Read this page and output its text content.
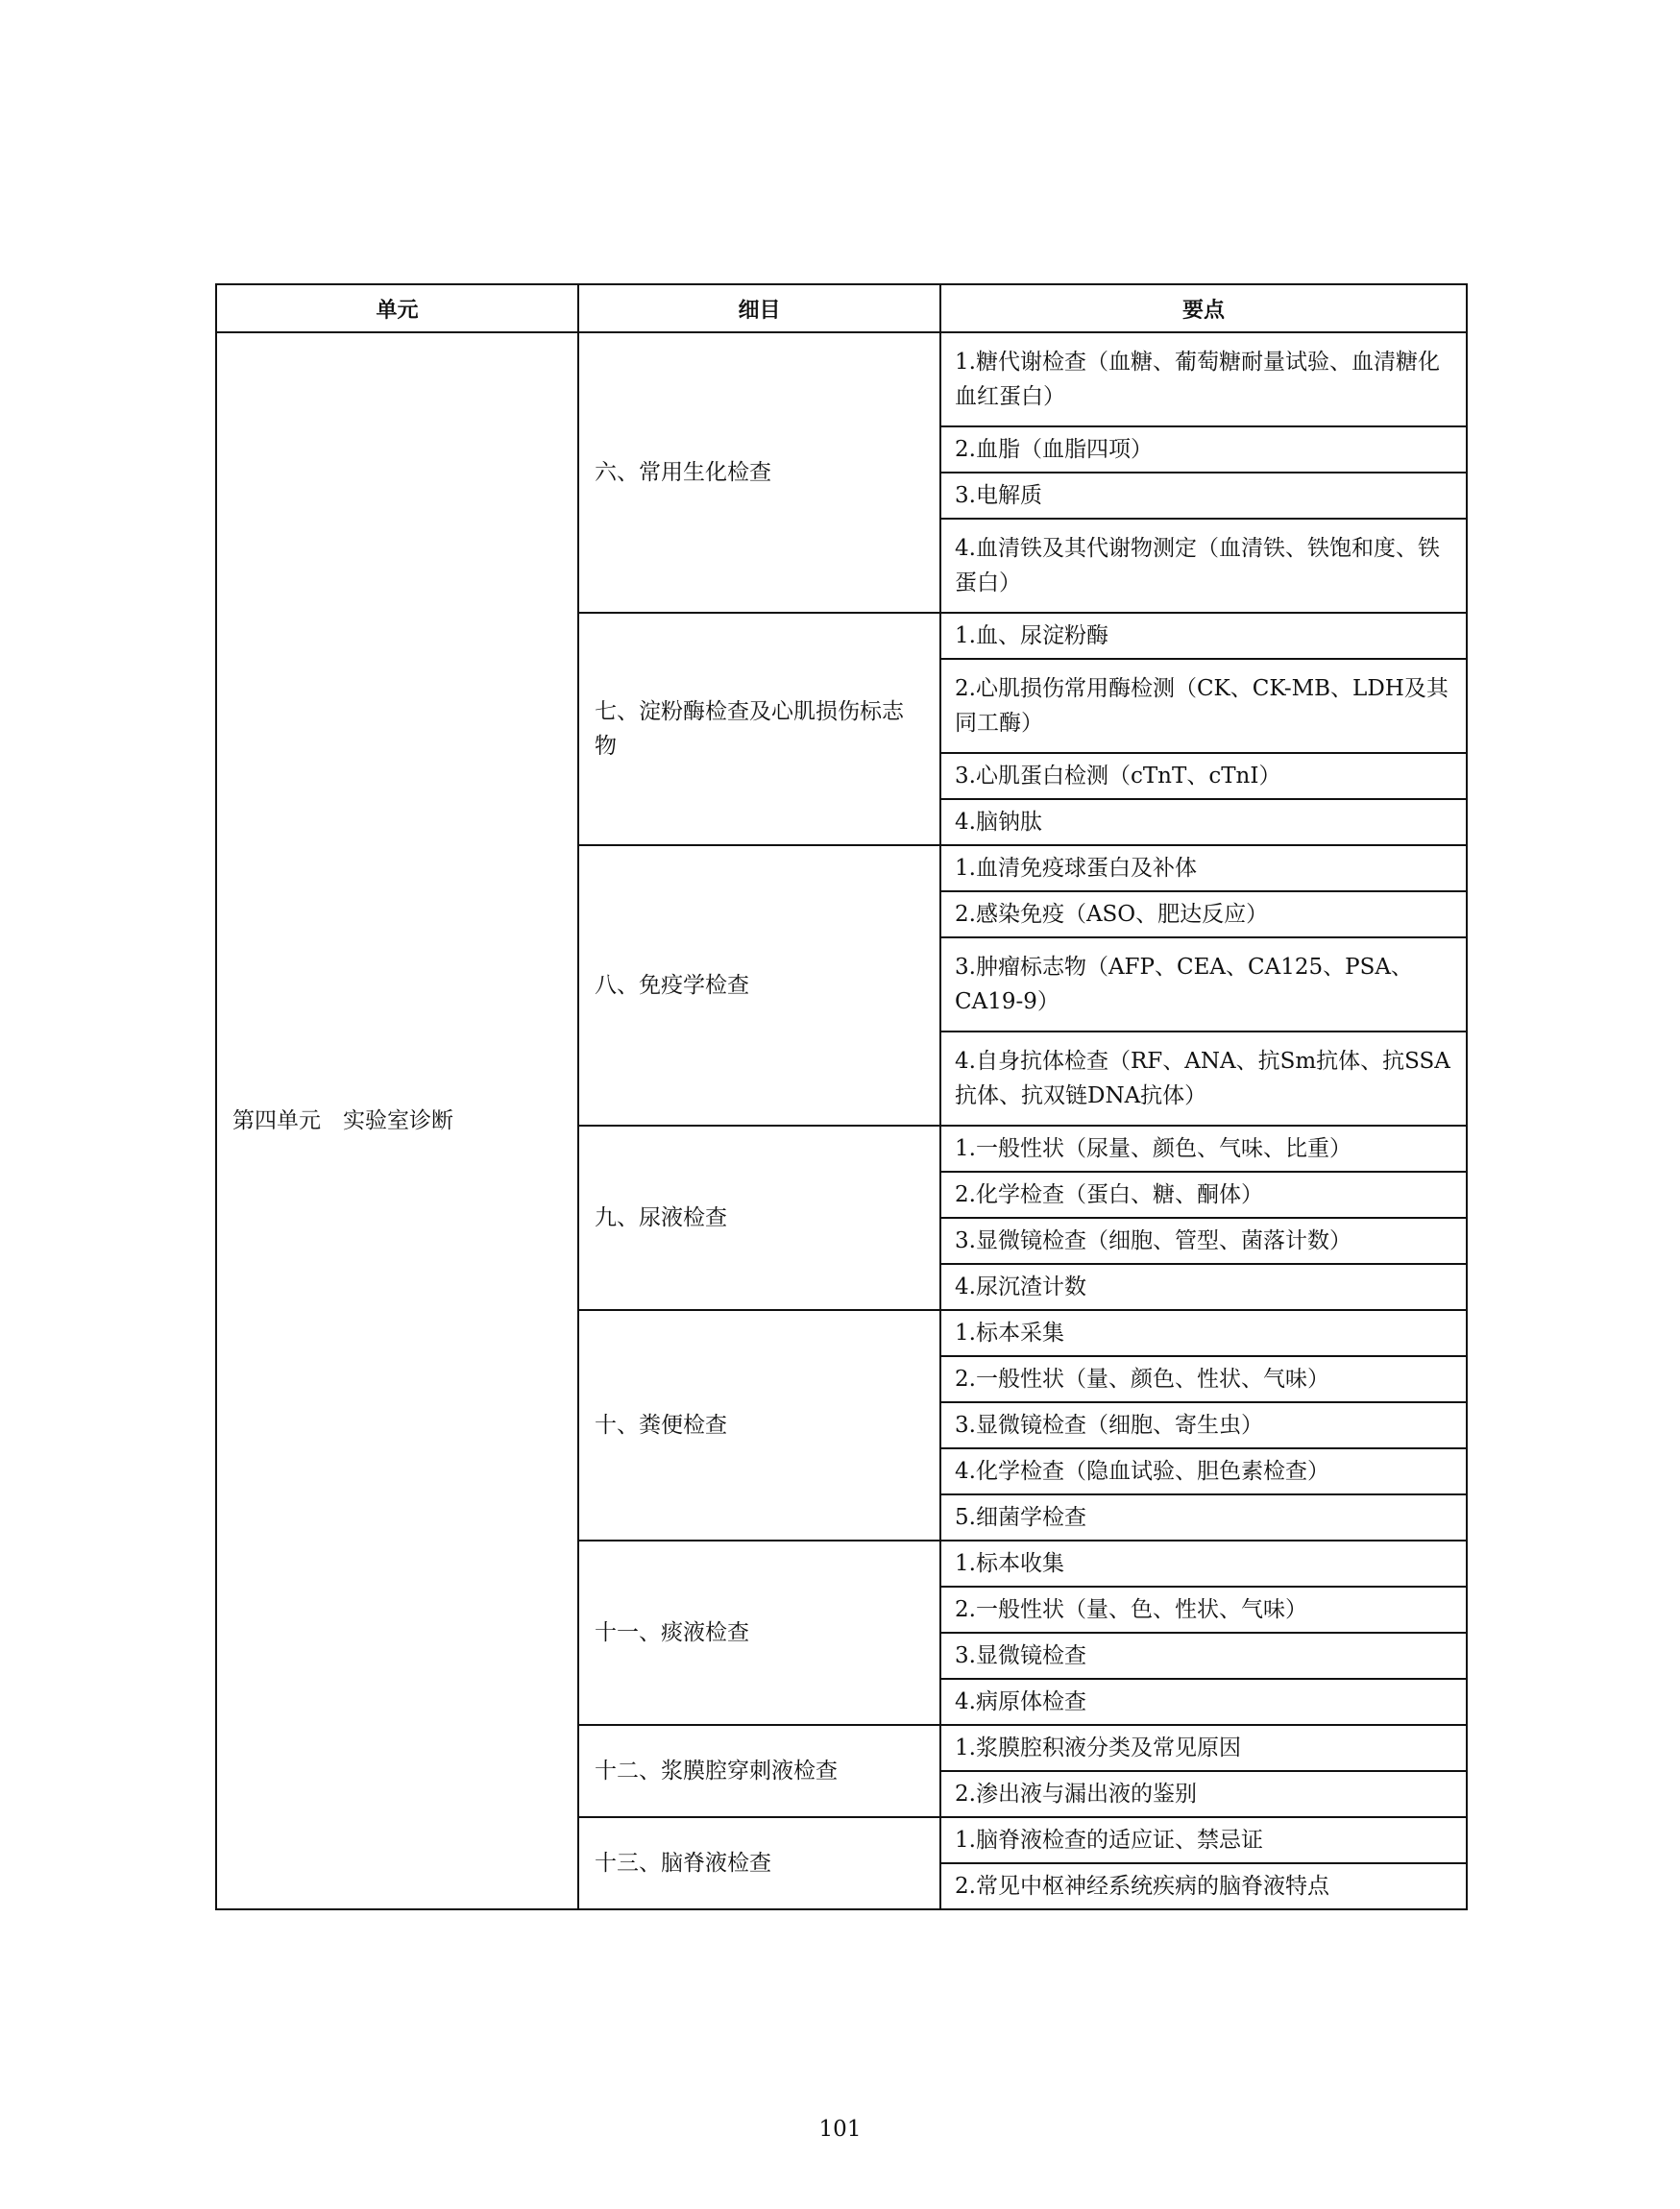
单元	细目	要点
第四单元　实验室诊断	六、常用生化检查	1.糖代谢检查（血糖、葡萄糖耐量试验、血清糖化血红蛋白）
		2.血脂（血脂四项）
		3.电解质
		4.血清铁及其代谢物测定（血清铁、铁饱和度、铁蛋白）
	七、淀粉酶检查及心肌损伤标志物	1.血、尿淀粉酶
		2.心肌损伤常用酶检测（CK、CK-MB、LDH及其同工酶）
		3.心肌蛋白检测（cTnT、cTnI）
		4.脑钠肽
	八、免疫学检查	1.血清免疫球蛋白及补体
		2.感染免疫（ASO、肥达反应）
		3.肿瘤标志物（AFP、CEA、CA125、PSA、CA19-9）
		4.自身抗体检查（RF、ANA、抗Sm抗体、抗SSA抗体、抗双链DNA抗体）
	九、尿液检查	1.一般性状（尿量、颜色、气味、比重）
		2.化学检查（蛋白、糖、酮体）
		3.显微镜检查（细胞、管型、菌落计数）
		4.尿沉渣计数
	十、粪便检查	1.标本采集
		2.一般性状（量、颜色、性状、气味）
		3.显微镜检查（细胞、寄生虫）
		4.化学检查（隐血试验、胆色素检查）
		5.细菌学检查
	十一、痰液检查	1.标本收集
		2.一般性状（量、色、性状、气味）
		3.显微镜检查
		4.病原体检查
	十二、浆膜腔穿刺液检查	1.浆膜腔积液分类及常见原因
		2.渗出液与漏出液的鉴别
	十三、脑脊液检查	1.脑脊液检查的适应证、禁忌证
		2.常见中枢神经系统疾病的脑脊液特点
101
